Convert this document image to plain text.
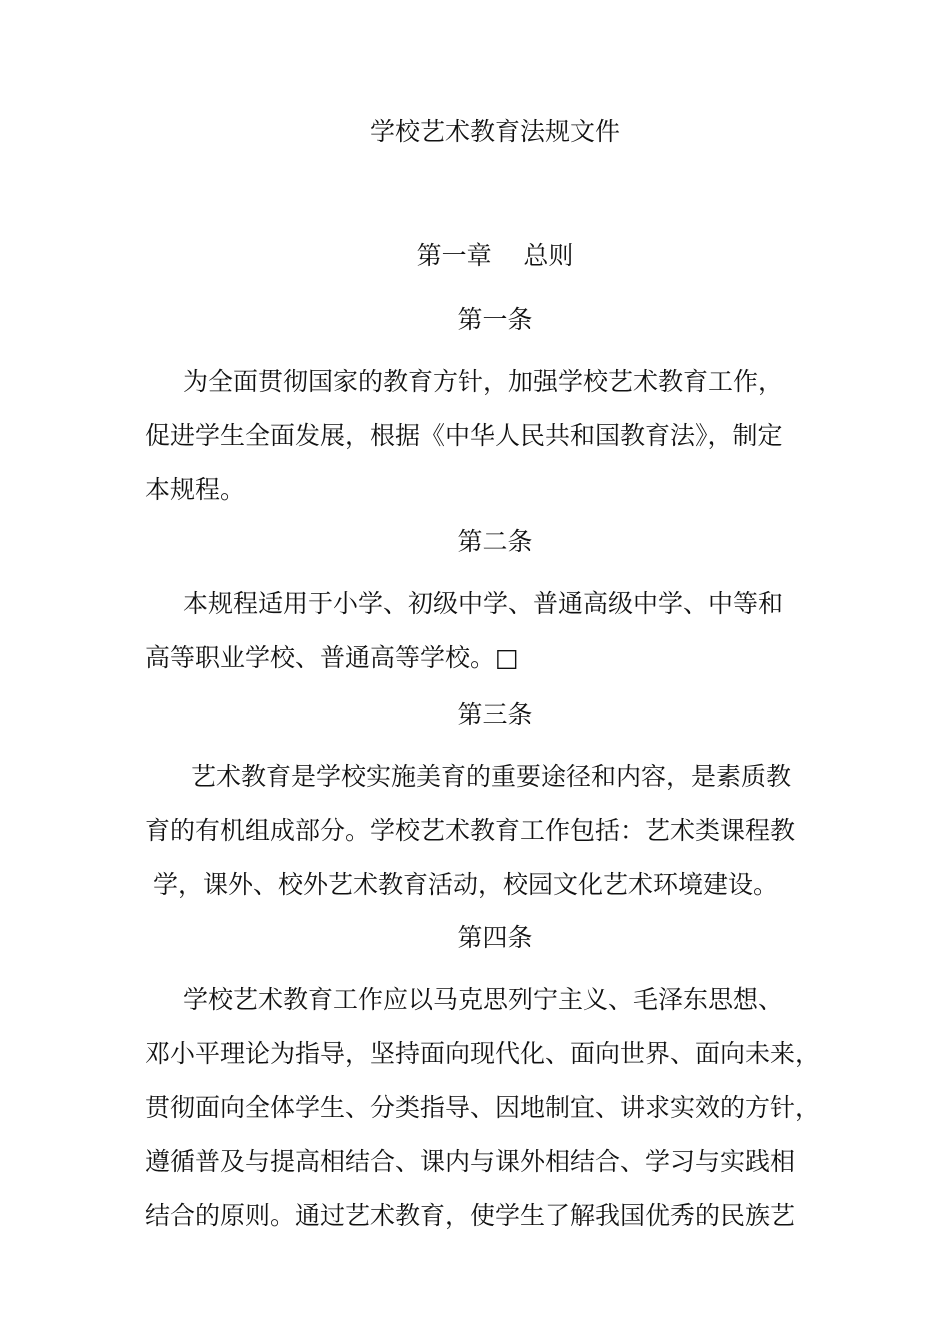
学校艺术教育法规文件
第一章    总则
第一条
为全面贯彻国家的教育方针，加强学校艺术教育工作，
促进学生全面发展，根据《中华人民共和国教育法》，制定
本规程。
第二条
本规程适用于小学、初级中学、普通高级中学、中等和
高等职业学校、普通高等学校。□
第三条
艺术教育是学校实施美育的重要途径和内容，是素质教
育的有机组成部分。学校艺术教育工作包括：艺术类课程教
学，课外、校外艺术教育活动，校园文化艺术环境建设。
第四条
学校艺术教育工作应以马克思列宁主义、毛泽东思想、
邓小平理论为指导，坚持面向现代化、面向世界、面向未来，
贯彻面向全体学生、分类指导、因地制宜、讲求实效的方针，
遵循普及与提高相结合、课内与课外相结合、学习与实践相
结合的原则。通过艺术教育，使学生了解我国优秀的民族艺
